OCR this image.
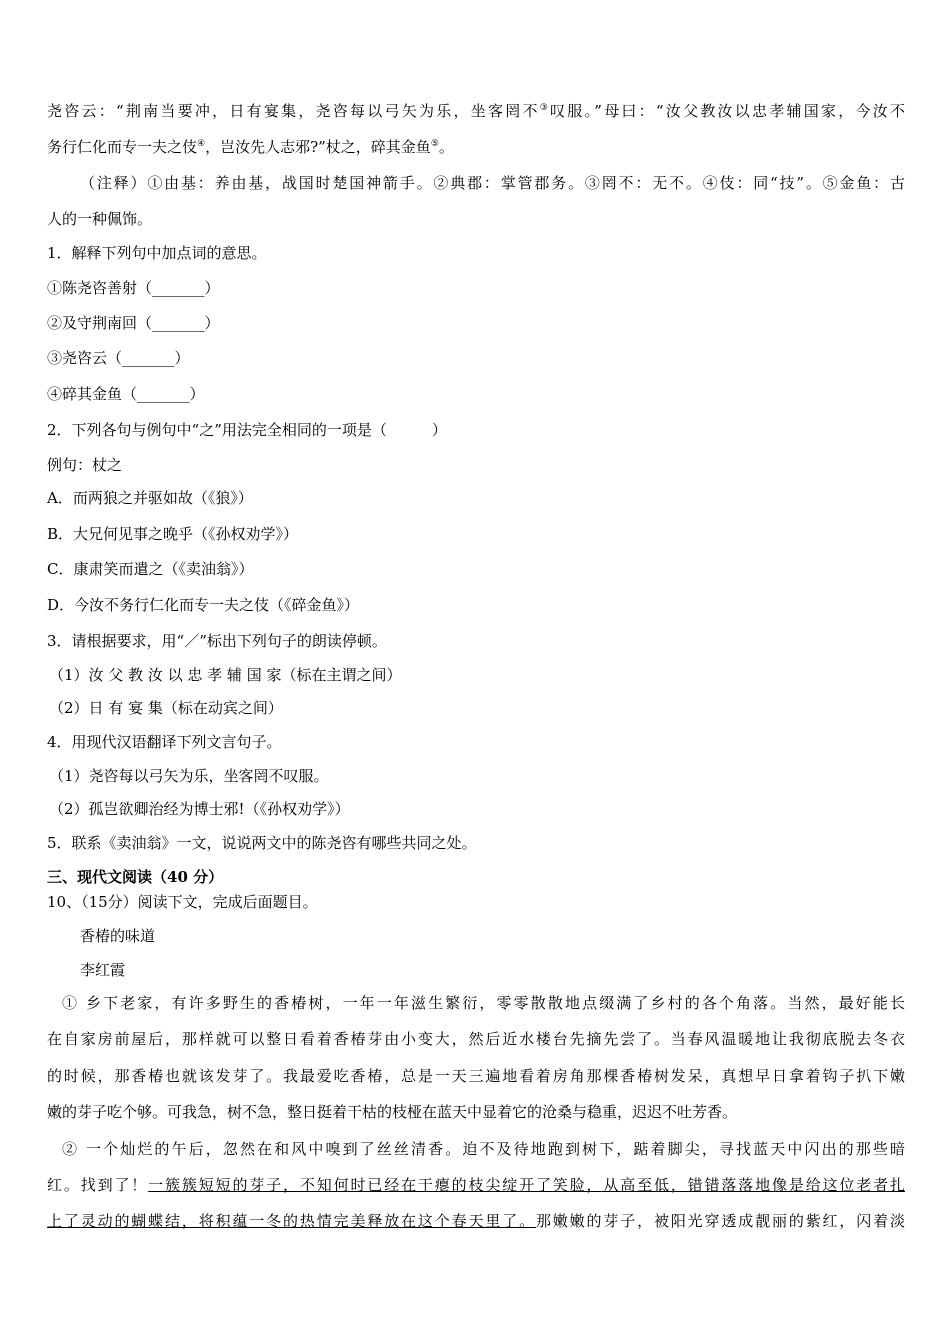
尧咨云：“荆南当要冲，日有宴集，尧咨每以弓矢为乐，坐客罔不③叹服。”母曰：“汝父教汝以忠孝辅国家，今汝不
务行仁化而专一夫之伎④，岂汝先人志邪?”杖之，碎其金鱼⑤。
（注释）①由基：养由基，战国时楚国神箭手。②典郡：掌管郡务。③罔不：无不。④伎：同“技”。⑤金鱼：古
人的一种佩饰。
1．解释下列句中加点词的意思。
①陈尧咨善射（_______）
②及守荆南回（_______）
③尧咨云（_______）
④碎其金鱼（_______）
2．下列各句与例句中“之”用法完全相同的一项是（　　　）
例句：杖之
A．而两狼之并驱如故（《狼》）
B．大兄何见事之晚乎（《孙权劝学》）
C．康肃笑而遣之（《卖油翁》）
D．今汝不务行仁化而专一夫之伎（《碎金鱼》）
3．请根据要求，用“／”标出下列句子的朗读停顿。
（1）汝 父 教 汝 以 忠 孝 辅 国 家（标在主谓之间）
（2）日 有 宴 集（标在动宾之间）
4．用现代汉语翻译下列文言句子。
（1）尧咨每以弓矢为乐，坐客罔不叹服。
（2）孤岂欲卿治经为博士邪!（《孙权劝学》）
5．联系《卖油翁》一文，说说两文中的陈尧咨有哪些共同之处。
三、现代文阅读（40 分）
10、（15分）阅读下文，完成后面题目。
香椿的味道
李红霞
① 乡下老家，有许多野生的香椿树，一年一年滋生繁衍，零零散散地点缀满了乡村的各个角落。当然，最好能长
在自家房前屋后，那样就可以整日看着香椿芽由小变大，然后近水楼台先摘先尝了。当春风温暖地让我彻底脱去冬衣
的时候，那香椿也就该发芽了。我最爱吃香椿，总是一天三遍地看着房角那棵香椿树发呆，真想早日拿着钩子扒下嫩
嫩的芽子吃个够。可我急，树不急，整日挺着干枯的枝桠在蓝天中显着它的沧桑与稳重，迟迟不吐芳香。
② 一个灿烂的午后，忽然在和风中嗅到了丝丝清香。迫不及待地跑到树下，踮着脚尖，寻找蓝天中闪出的那些暗
红。找到了！一簇簇短短的芽子，不知何时已经在干瘪的枝尖绽开了笑脸，从高至低，错错落落地像是给这位老者扎
上了灵动的蝴蝶结，将积蕴一冬的热情完美释放在这个春天里了。那嫩嫩的芽子，被阳光穿透成靓丽的紫红，闪着淡
